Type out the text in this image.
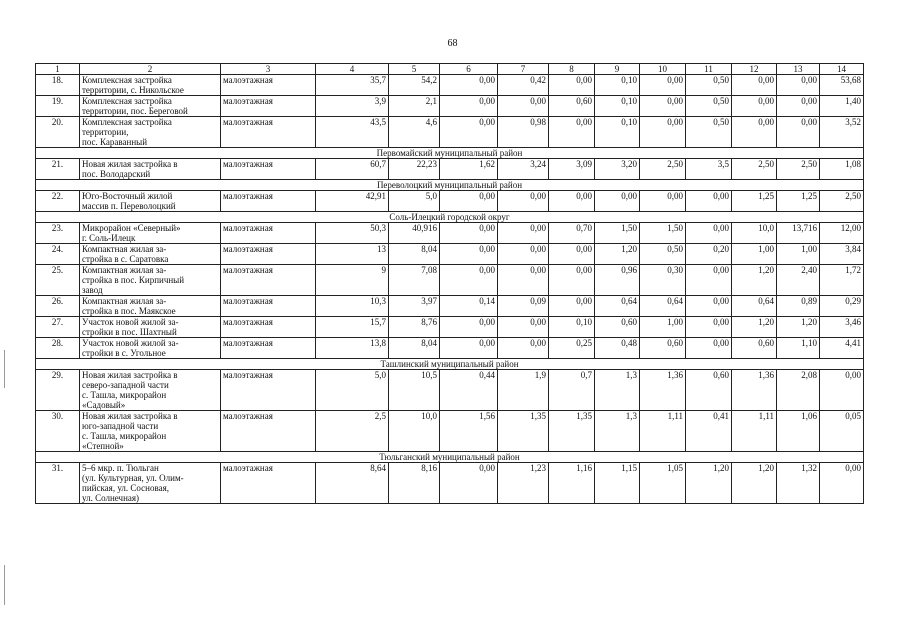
68
1	2	3	4	5	6	7	8	9	10	11	12	13	14
18.	Комплексная застройка
территории, с. Никольское	малоэтажная	35,7	54,2	0,00	0,42	0,00	0,10	0,00	0,50	0,00	0,00	53,68
19.	Комплексная застройка
территории, пос. Береговой	малоэтажная	3,9	2,1	0,00	0,00	0,60	0,10	0,00	0,50	0,00	0,00	1,40
20.	Комплексная застройка
территории,
пос. Караванный	малоэтажная	43,5	4,6	0,00	0,98	0,00	0,10	0,00	0,50	0,00	0,00	3,52
Первомайский муниципальный район													
21.	Новая жилая застройка в
пос. Володарский	малоэтажная	60,7	22,23	1,62	3,24	3,09	3,20	2,50	3,5	2,50	2,50	1,08
Переволоцкий муниципальный район													
22.	Юго-Восточный жилой
массив п. Переволоцкий	малоэтажная	42,91	5,0	0,00	0,00	0,00	0,00	0,00	0,00	1,25	1,25	2,50
Соль-Илецкий городской округ													
23.	Микрорайон «Северный»
г. Соль-Илецк	малоэтажная	50,3	40,916	0,00	0,00	0,70	1,50	1,50	0,00	10,0	13,716	12,00
24.	Компактная жилая за-
стройка в с. Саратовка	малоэтажная	13	8,04	0,00	0,00	0,00	1,20	0,50	0,20	1,00	1,00	3,84
25.	Компактная жилая за-
стройка в пос. Кирпичный
завод	малоэтажная	9	7,08	0,00	0,00	0,00	0,96	0,30	0,00	1,20	2,40	1,72
26.	Компактная жилая за-
стройка в пос. Маякское	малоэтажная	10,3	3,97	0,14	0,09	0,00	0,64	0,64	0,00	0,64	0,89	0,29
27.	Участок новой жилой за-
стройки в пос. Шахтный	малоэтажная	15,7	8,76	0,00	0,00	0,10	0,60	1,00	0,00	1,20	1,20	3,46
28.	Участок новой жилой за-
стройки в с. Угольное	малоэтажная	13,8	8,04	0,00	0,00	0,25	0,48	0,60	0,00	0,60	1,10	4,41
Ташлинский муниципальный район													
29.	Новая жилая застройка в
северо-западной части
с. Ташла, микрорайон
«Садовый»	малоэтажная	5,0	10,5	0,44	1,9	0,7	1,3	1,36	0,60	1,36	2,08	0,00
30.	Новая жилая застройка в
юго-западной части
с. Ташла, микрорайон
«Степной»	малоэтажная	2,5	10,0	1,56	1,35	1,35	1,3	1,11	0,41	1,11	1,06	0,05
Тюльганский муниципальный район													
31.	5–6 мкр. п. Тюльган
(ул. Культурная, ул. Олим-
пийская, ул. Сосновая,
ул. Солнечная)	малоэтажная	8,64	8,16	0,00	1,23	1,16	1,15	1,05	1,20	1,20	1,32	0,00
